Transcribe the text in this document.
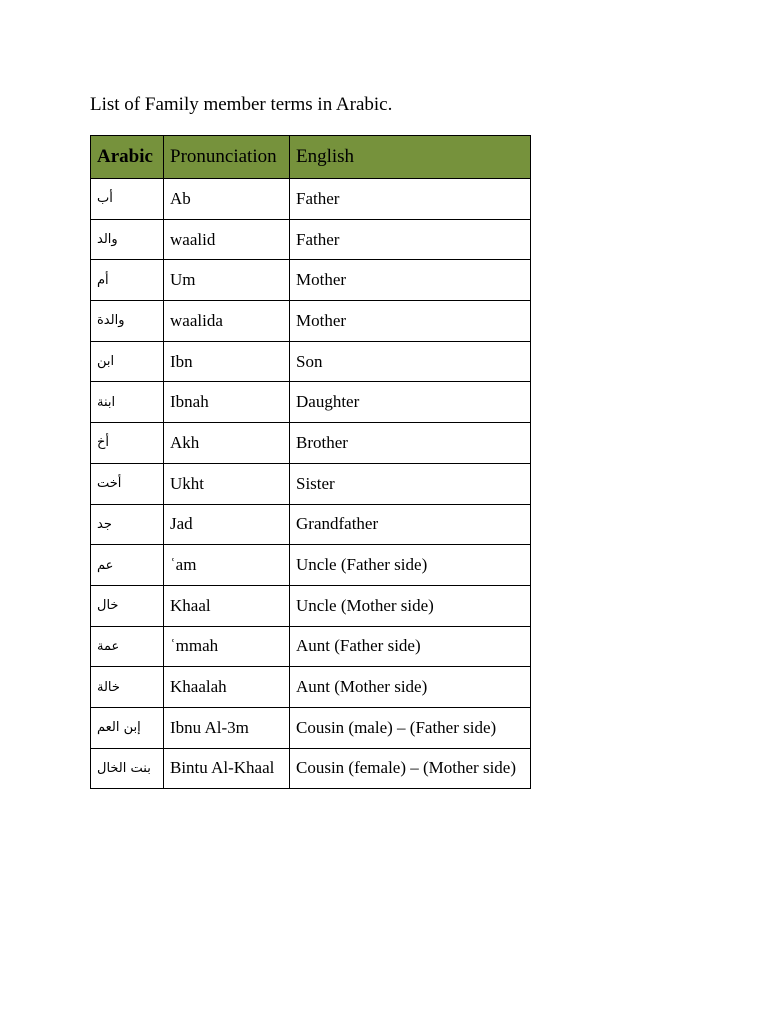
List of Family member terms in Arabic.
Arabic	Pronunciation	English
أب	Ab	Father
والد	waalid	Father
أم	Um	Mother
والدة	waalida	Mother
ابن	Ibn	Son
ابنة	Ibnah	Daughter
أخ	Akh	Brother
أخت	Ukht	Sister
جد	Jad	Grandfather
عم	ʿam	Uncle (Father side)
خال	Khaal	Uncle (Mother side)
عمة	ʿmmah	Aunt (Father side)
خالة	Khaalah	Aunt (Mother side)
إبن العم	Ibnu Al-3m	Cousin (male) – (Father side)
بنت الخال	Bintu Al-Khaal	Cousin (female) – (Mother side)
